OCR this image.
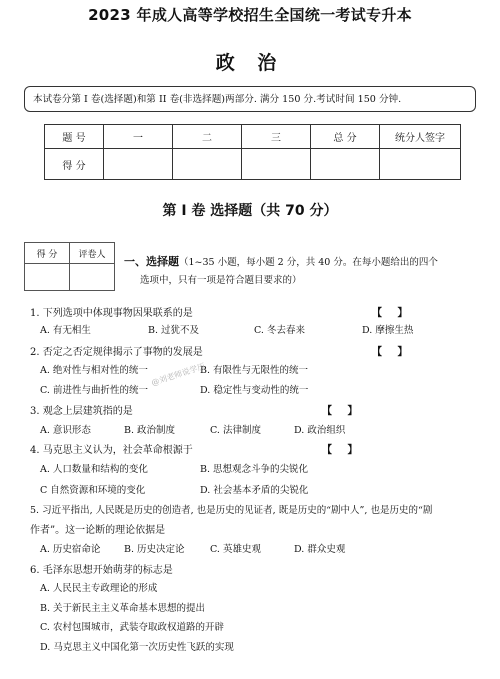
2023 年成人高等学校招生全国统一考试专升本
政 治
本试卷分第 I 卷(选择题)和第 II 卷(非选择题)两部分. 满分 150 分.考试时间 150 分钟.
题 号	一	二	三	总 分	统分人签字
得 分					
第 I 卷 选择题（共 70 分）
得 分	评卷人

一、选择题（1~35 小题，每小题 2 分，共 40 分。在每小题给出的四个
选项中，只有一项是符合题目要求的）
1. 下列选项中体现事物因果联系的是	【 】
A. 有无相生	B. 过犹不及	C. 冬去春来	D. 摩擦生热
2. 否定之否定规律揭示了事物的发展是	【 】
A. 绝对性与相对性的统一	B. 有限性与无限性的统一
C. 前进性与曲折性的统一	D. 稳定性与变动性的统一
@刘老师说学历
3. 观念上层建筑指的是	【 】
A. 意识形态	B. 政治制度	C. 法律制度	D. 政治组织
4. 马克思主义认为，社会革命根源于	【 】
A. 人口数量和结构的变化	B. 思想观念斗争的尖锐化
C 自然资源和环境的变化	D. 社会基本矛盾的尖锐化
5. 习近平指出, 人民既是历史的创造者, 也是历史的见证者, 既是历史的“剧中人”, 也是历史的“剧
作者”。这一论断的理论依据是
A. 历史宿命论 B. 历史决定论	C. 英雄史观	D. 群众史观
6. 毛泽东思想开始萌芽的标志是
A. 人民民主专政理论的形成
B. 关于新民主主义革命基本思想的提出
C. 农村包围城市，武装夺取政权道路的开辟
D. 马克思主义中国化第一次历史性飞跃的实现
